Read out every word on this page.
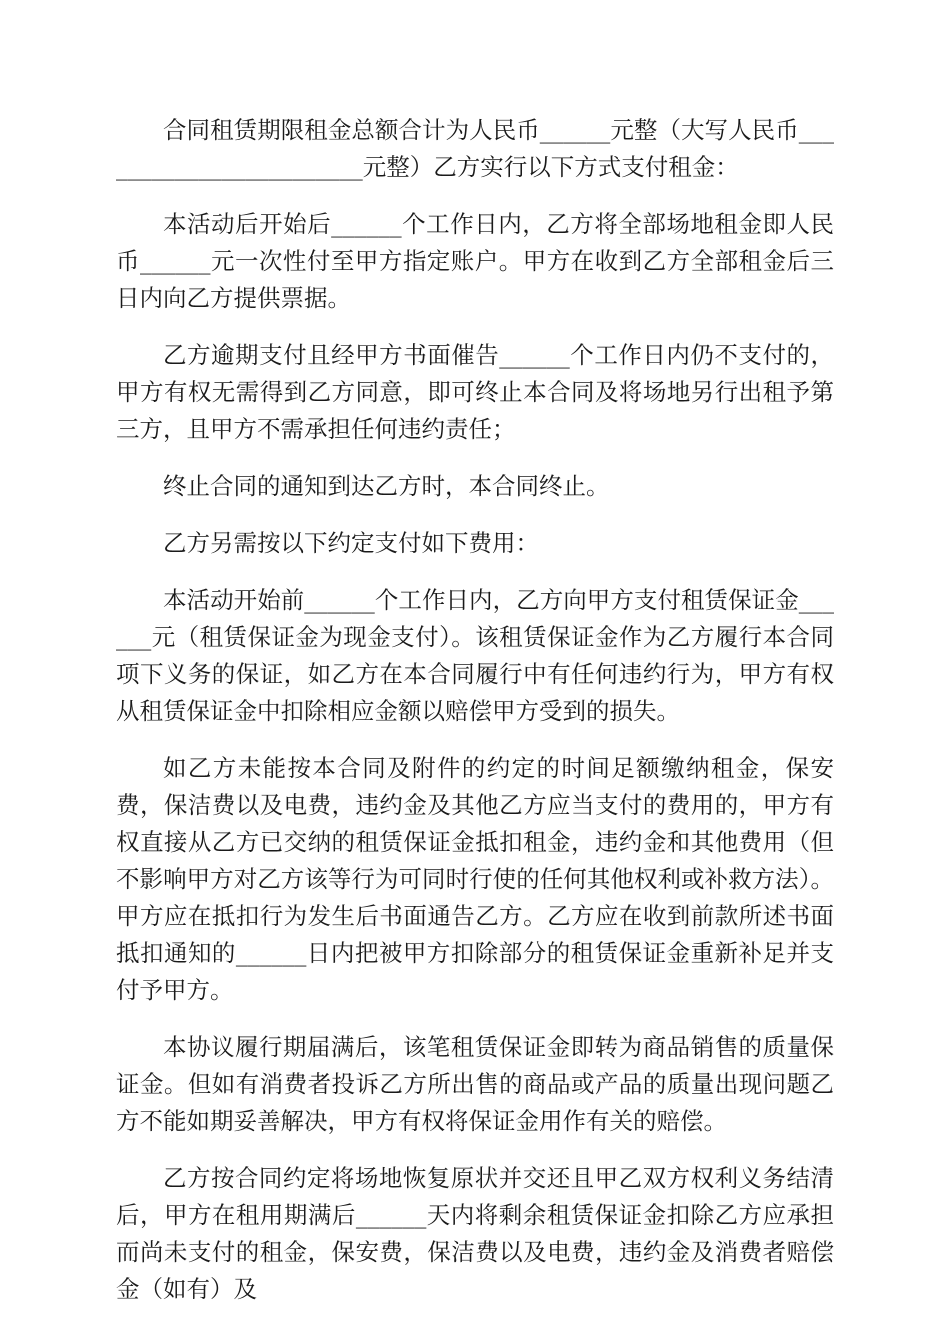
合同租赁期限租金总额合计为人民币______元整（大写人民币________________________元整）乙方实行以下方式支付租金：

本活动后开始后______个工作日内，乙方将全部场地租金即人民币______元一次性付至甲方指定账户。甲方在收到乙方全部租金后三日内向乙方提供票据。

乙方逾期支付且经甲方书面催告______个工作日内仍不支付的，甲方有权无需得到乙方同意，即可终止本合同及将场地另行出租予第三方，且甲方不需承担任何违约责任；

终止合同的通知到达乙方时，本合同终止。

乙方另需按以下约定支付如下费用：

本活动开始前______个工作日内，乙方向甲方支付租赁保证金______元（租赁保证金为现金支付）。该租赁保证金作为乙方履行本合同项下义务的保证，如乙方在本合同履行中有任何违约行为，甲方有权从租赁保证金中扣除相应金额以赔偿甲方受到的损失。

如乙方未能按本合同及附件的约定的时间足额缴纳租金，保安费，保洁费以及电费，违约金及其他乙方应当支付的费用的，甲方有权直接从乙方已交纳的租赁保证金抵扣租金，违约金和其他费用（但不影响甲方对乙方该等行为可同时行使的任何其他权利或补救方法）。甲方应在抵扣行为发生后书面通告乙方。乙方应在收到前款所述书面抵扣通知的______日内把被甲方扣除部分的租赁保证金重新补足并支付予甲方。

本协议履行期届满后，该笔租赁保证金即转为商品销售的质量保证金。但如有消费者投诉乙方所出售的商品或产品的质量出现问题乙方不能如期妥善解决，甲方有权将保证金用作有关的赔偿。

乙方按合同约定将场地恢复原状并交还且甲乙双方权利义务结清后，甲方在租用期满后______天内将剩余租赁保证金扣除乙方应承担而尚未支付的租金，保安费，保洁费以及电费，违约金及消费者赔偿金（如有）及
